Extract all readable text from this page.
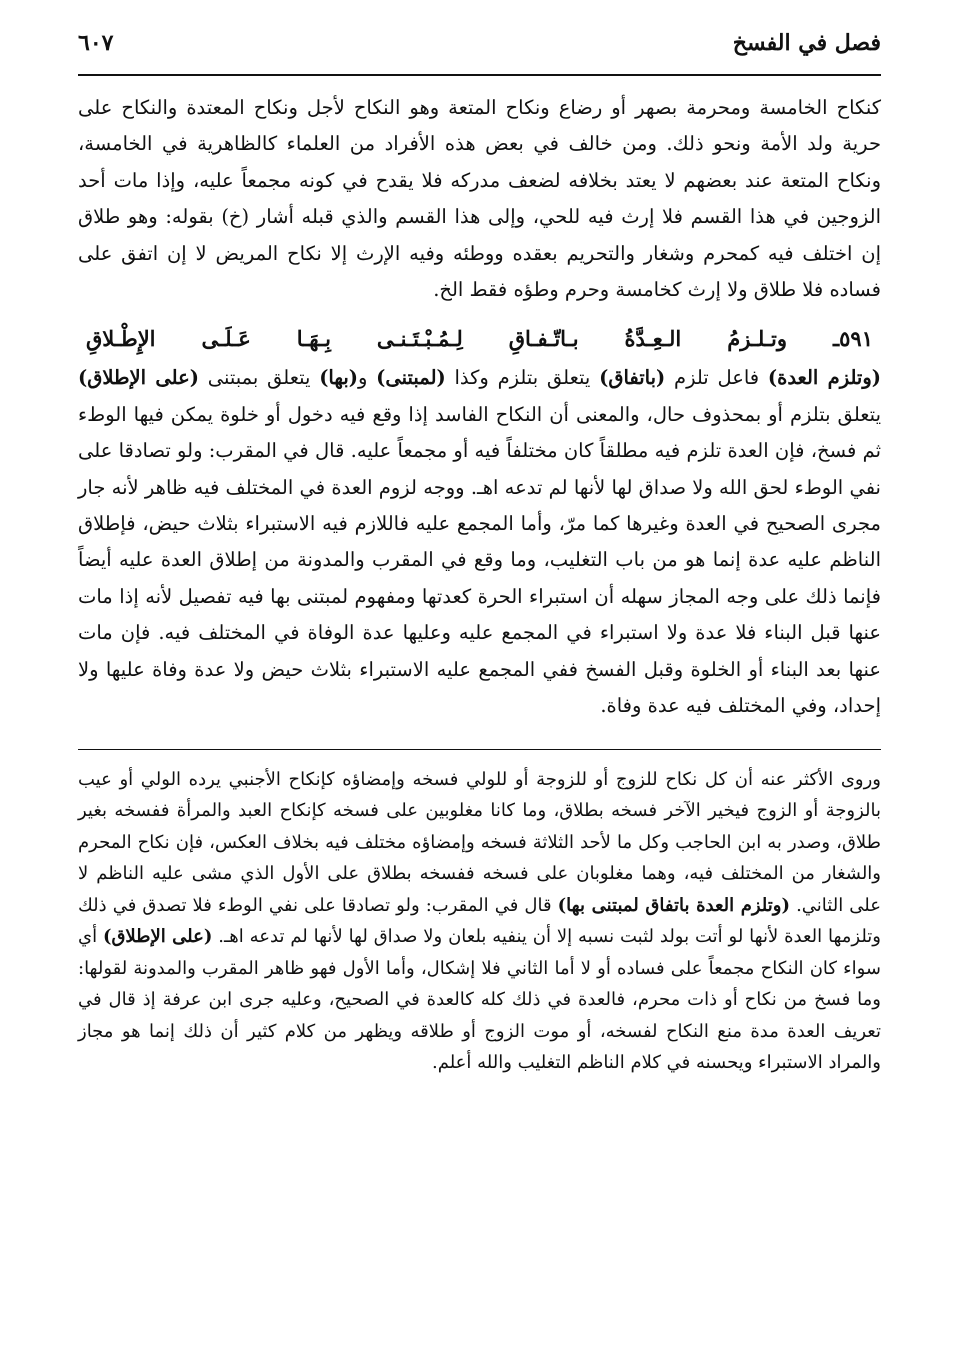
فصل في الفسخ
٦٠٧

كنكاح الخامسة ومحرمة بصهر أو رضاع ونكاح المتعة وهو النكاح لأجل ونكاح المعتدة والنكاح على حرية ولد الأمة ونحو ذلك. ومن خالف في بعض هذه الأفراد من العلماء كالظاهرية في الخامسة، ونكاح المتعة عند بعضهم لا يعتد بخلافه لضعف مدركه فلا يقدح في كونه مجمعاً عليه، وإذا مات أحد الزوجين في هذا القسم فلا إرث فيه للحي، وإلى هذا القسم والذي قبله أشار (خ) بقوله: وهو طلاق إن اختلف فيه كمحرم وشغار والتحريم بعقده ووطئه وفيه الإرث إلا نكاح المريض لا إن اتفق على فساده فلا طلاق ولا إرث كخامسة وحرم وطؤه فقط الخ.

٥٩١ـ وتـلـزمُ الـعِـدَّةُ بـاتّـفـاقِ لِـمُـبْـتَـنـى بِـهَـا عَـلَـى الإِطْـلاقِ

(وتلزم العدة) فاعل تلزم (باتفاق) يتعلق بتلزم وكذا (لمبتنى) و(بها) يتعلق بمبتنى (على الإطلاق) يتعلق بتلزم أو بمحذوف حال، والمعنى أن النكاح الفاسد إذا وقع فيه دخول أو خلوة يمكن فيها الوطء ثم فسخ، فإن العدة تلزم فيه مطلقاً كان مختلفاً فيه أو مجمعاً عليه. قال في المقرب: ولو تصادقا على نفي الوطء لحق الله ولا صداق لها لأنها لم تدعه اهـ. ووجه لزوم العدة في المختلف فيه ظاهر لأنه جار مجرى الصحيح في العدة وغيرها كما مرّ، وأما المجمع عليه فاللازم فيه الاستبراء بثلاث حيض، فإطلاق الناظم عليه عدة إنما هو من باب التغليب، وما وقع في المقرب والمدونة من إطلاق العدة عليه أيضاً فإنما ذلك على وجه المجاز سهله أن استبراء الحرة كعدتها ومفهوم لمبتنى بها فيه تفصيل لأنه إذا مات عنها قبل البناء فلا عدة ولا استبراء في المجمع عليه وعليها عدة الوفاة في المختلف فيه. فإن مات عنها بعد البناء أو الخلوة وقبل الفسخ ففي المجمع عليه الاستبراء بثلاث حيض ولا عدة وفاة عليها ولا إحداد، وفي المختلف فيه عدة وفاة.

وروى الأكثر عنه أن كل نكاح للزوج أو للزوجة أو للولي فسخه وإمضاؤه كإنكاح الأجنبي يرده الولي أو عيب بالزوجة أو الزوج فيخير الآخر فسخه بطلاق، وما كانا مغلوبين على فسخه كإنكاح العبد والمرأة ففسخه بغير طلاق، وصدر به ابن الحاجب وكل ما لأحد الثلاثة فسخه وإمضاؤه مختلف فيه بخلاف العكس، فإن نكاح المحرم والشغار من المختلف فيه، وهما مغلوبان على فسخه ففسخه بطلاق على الأول الذي مشى عليه الناظم لا على الثاني. (وتلزم العدة باتفاق لمبتنى بها) قال في المقرب: ولو تصادقا على نفي الوطء فلا تصدق في ذلك وتلزمها العدة لأنها لو أتت بولد لثبت نسبه إلا أن ينفيه بلعان ولا صداق لها لأنها لم تدعه اهـ. (على الإطلاق) أي سواء كان النكاح مجمعاً على فساده أو لا أما الثاني فلا إشكال، وأما الأول فهو ظاهر المقرب والمدونة لقولها: وما فسخ من نكاح أو ذات محرم، فالعدة في ذلك كله كالعدة في الصحيح، وعليه جرى ابن عرفة إذ قال في تعريف العدة مدة منع النكاح لفسخه، أو موت الزوج أو طلاقه ويظهر من كلام كثير أن ذلك إنما هو مجاز والمراد الاستبراء ويحسنه في كلام الناظم التغليب والله أعلم.
